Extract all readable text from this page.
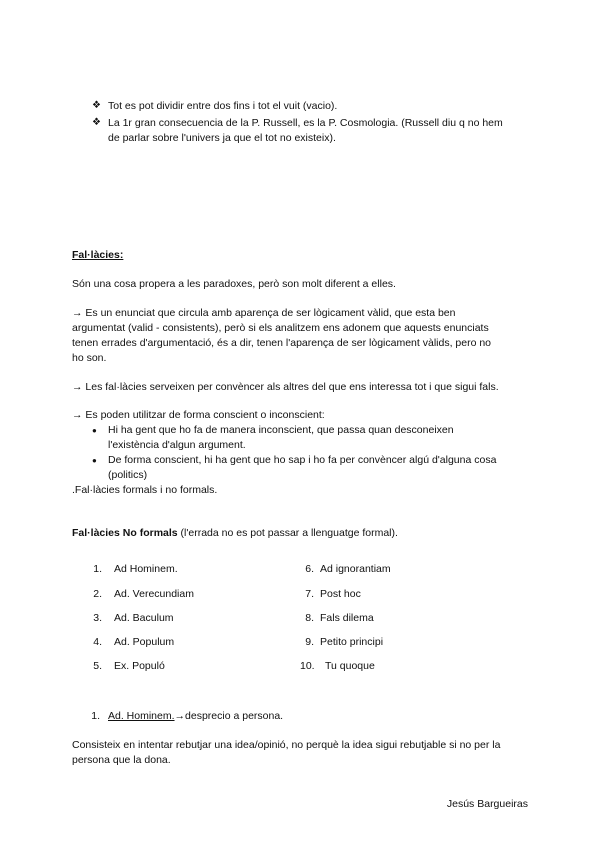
❖ Tot es pot dividir entre dos fins i tot el vuit (vacio).
❖ La 1r gran consecuencia de la P. Russell, es la P. Cosmologia. (Russell diu q no hem
de parlar sobre l'univers ja que el tot no existeix).
Fal·làcies:
Són una cosa propera a les paradoxes, però son molt diferent a elles.
→ Es un enunciat que circula amb aparença de ser lògicament vàlid, que esta ben
argumentat (valid - consistents), però si els analitzem ens adonem que aquests enunciats
tenen errades d'argumentació, és a dir, tenen l'aparença de ser lògicament vàlids, pero no
ho son.
→ Les fal·làcies serveixen per convèncer als altres del que ens interessa tot i que sigui fals.
→ Es poden utilitzar de forma conscient o inconscient:
● Hi ha gent que ho fa de manera inconscient, que passa quan desconeixen
l'existència d'algun argument.
● De forma conscient, hi ha gent que ho sap i ho fa per convèncer algú d'alguna cosa
(politics)
.Fal·làcies formals i no formals.
Fal·làcies No formals (l'errada no es pot passar a llenguatge formal).
1. Ad Hominem.
2. Ad. Verecundiam
3. Ad. Baculum
4. Ad. Populum
5. Ex. Populó
6. Ad ignorantiam
7. Post hoc
8. Fals dilema
9. Petito principi
10. Tu quoque
1. Ad. Hominem.→desprecio a persona.
Consisteix en intentar rebutjar una idea/opinió, no perquè la idea sigui rebutjable si no per la
persona que la dona.
Jesús Bargueiras
